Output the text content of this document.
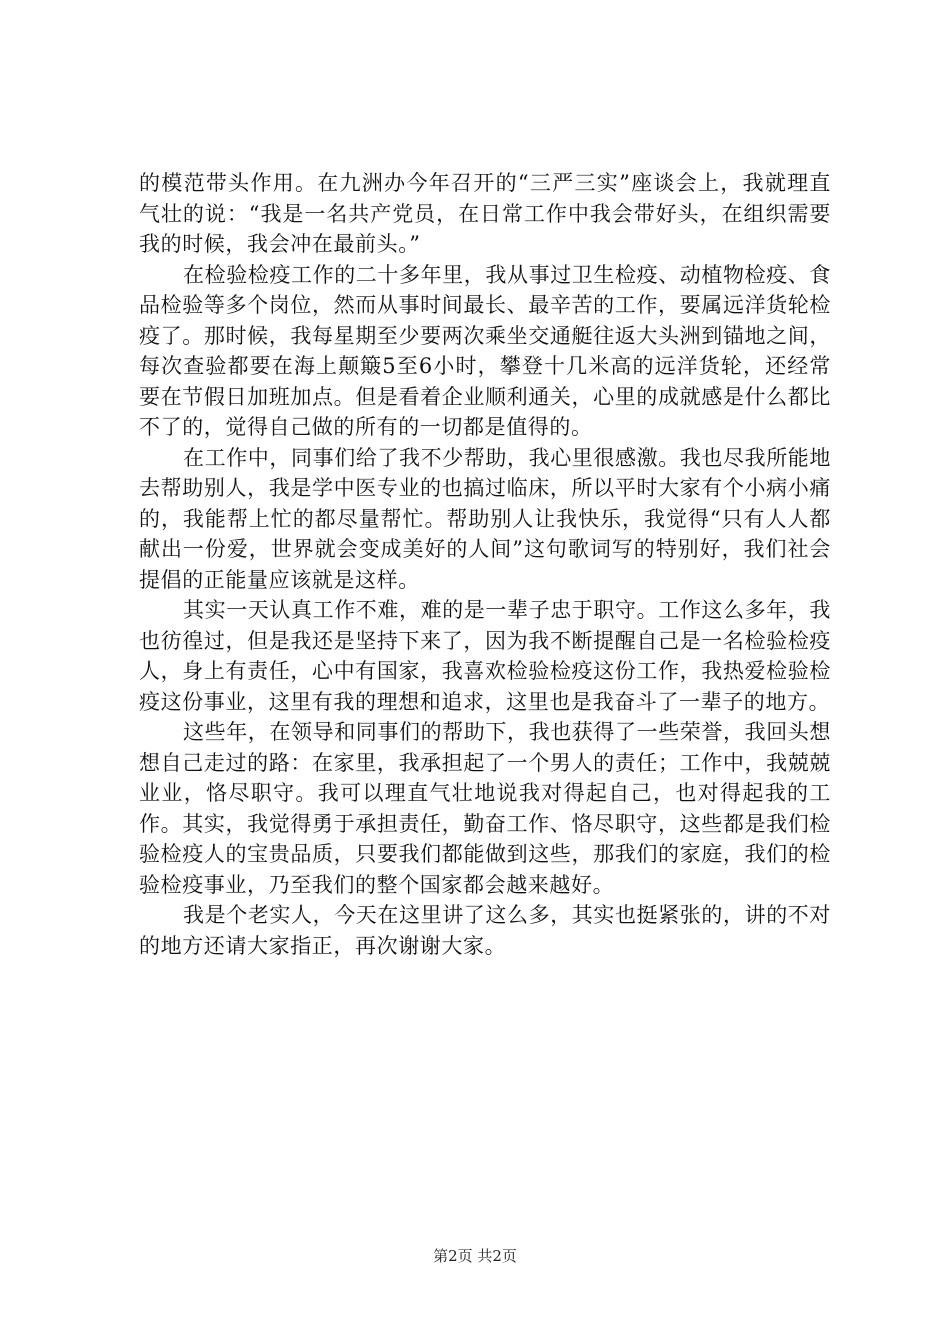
的模范带头作用。在九洲办今年召开的“三严三实”座谈会上，我就理直气壮的说：“我是一名共产党员，在日常工作中我会带好头，在组织需要我的时候，我会冲在最前头。”

在检验检疫工作的二十多年里，我从事过卫生检疫、动植物检疫、食品检验等多个岗位，然而从事时间最长、最辛苦的工作，要属远洋货轮检疫了。那时候，我每星期至少要两次乘坐交通艇往返大头洲到锚地之间，每次查验都要在海上颠簸5至6小时，攀登十几米高的远洋货轮，还经常要在节假日加班加点。但是看着企业顺利通关，心里的成就感是什么都比不了的，觉得自己做的所有的一切都是值得的。

在工作中，同事们给了我不少帮助，我心里很感激。我也尽我所能地去帮助别人，我是学中医专业的也搞过临床，所以平时大家有个小病小痛的，我能帮上忙的都尽量帮忙。帮助别人让我快乐，我觉得“只有人人都献出一份爱，世界就会变成美好的人间”这句歌词写的特别好，我们社会提倡的正能量应该就是这样。

其实一天认真工作不难，难的是一辈子忠于职守。工作这么多年，我也彷徨过，但是我还是坚持下来了，因为我不断提醒自己是一名检验检疫人，身上有责任，心中有国家，我喜欢检验检疫这份工作，我热爱检验检疫这份事业，这里有我的理想和追求，这里也是我奋斗了一辈子的地方。

这些年，在领导和同事们的帮助下，我也获得了一些荣誉，我回头想想自己走过的路：在家里，我承担起了一个男人的责任；工作中，我兢兢业业，恪尽职守。我可以理直气壮地说我对得起自己，也对得起我的工作。其实，我觉得勇于承担责任，勤奋工作、恪尽职守，这些都是我们检验检疫人的宝贵品质，只要我们都能做到这些，那我们的家庭，我们的检验检疫事业，乃至我们的整个国家都会越来越好。

我是个老实人，今天在这里讲了这么多，其实也挺紧张的，讲的不对的地方还请大家指正，再次谢谢大家。

第2页 共2页
